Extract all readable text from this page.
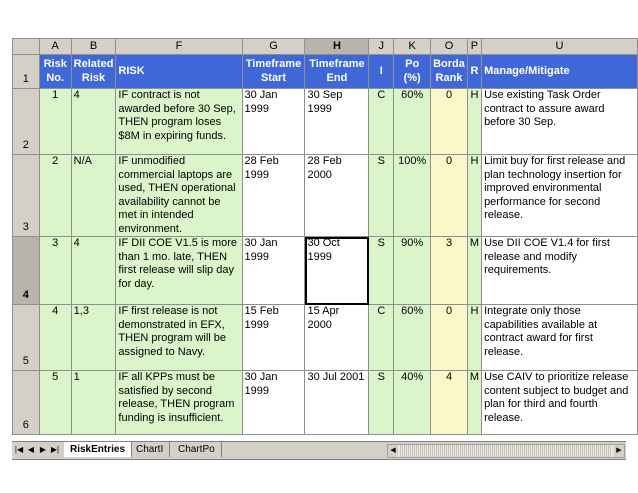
	A	B	F	G	H	J	K	O	P	U
1	Risk No.	Related Risk	RISK	Timeframe Start	Timeframe End	I	Po (%)	Borda Rank	R	Manage/Mitigate
2	1	4	IF contract is not awarded before 30 Sep, THEN program loses $8M in expiring funds.	30 Jan 1999	30 Sep 1999	C	60%	0	H	Use existing Task Order contract to assure award before 30 Sep.
3	2	N/A	IF unmodified commercial laptops are used, THEN operational availability cannot be met in intended environment.	28 Feb 1999	28 Feb 2000	S	100%	0	H	Limit buy for first release and plan technology insertion for improved environmental performance for second release.
4	3	4	IF DII COE V1.5 is more than 1 mo. late, THEN first release will slip day for day.	30 Jan 1999	30 Oct 1999	S	90%	3	M	Use DII COE V1.4 for first release and modify requirements.
5	4	1,3	IF first release is not demonstrated in EFX, THEN program will be assigned to Navy.	15 Feb 1999	15 Apr 2000	C	60%	0	H	Integrate only those capabilities available at contract award for first release.
6	5	1	IF all KPPs must be satisfied by second release, THEN program funding is insufficient.	30 Jan 1999	30 Jul 2001	S	40%	4	M	Use CAIV to prioritize release content subject to budget and plan for third and fourth release.
|◀ ◀ ▶ ▶|	RiskEntries	ChartI	ChartPo	◀	▶
